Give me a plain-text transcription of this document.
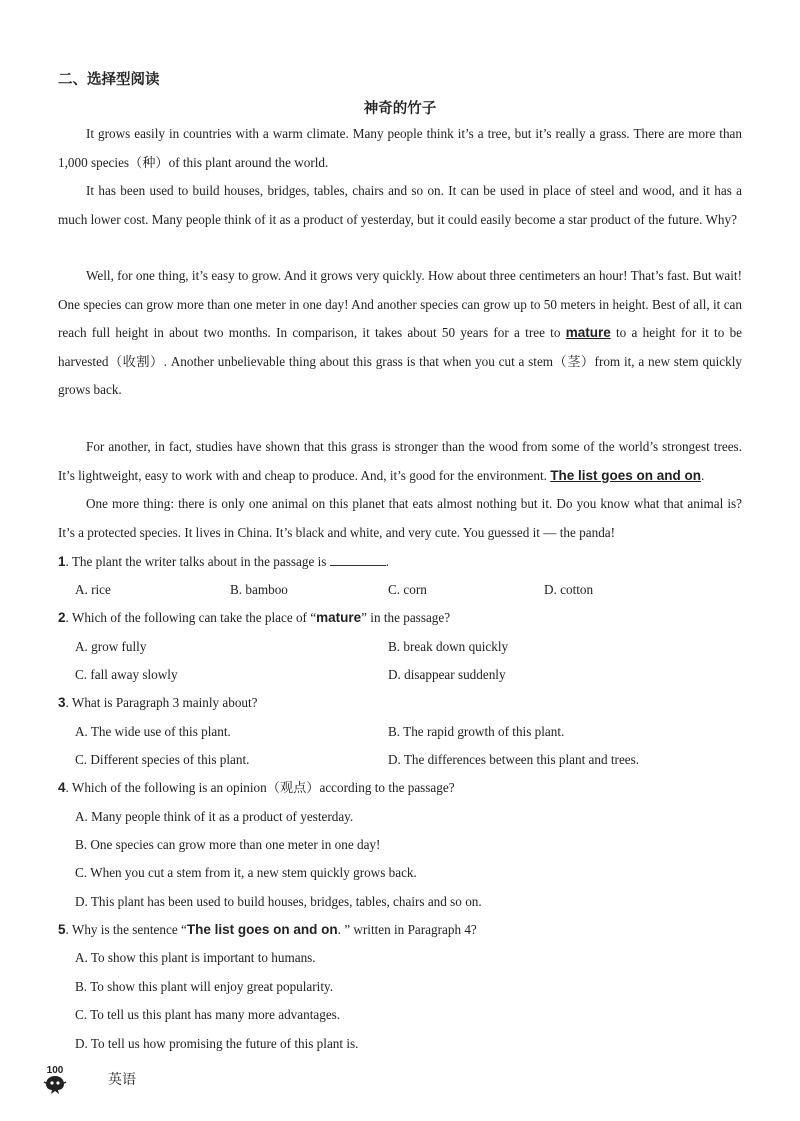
二、选择型阅读
神奇的竹子

It grows easily in countries with a warm climate. Many people think it’s a tree, but it’s really a grass. There are more than 1,000 species（种）of this plant around the world.

It has been used to build houses, bridges, tables, chairs and so on. It can be used in place of steel and wood, and it has a much lower cost. Many people think of it as a product of yesterday, but it could easily become a star product of the future. Why?

Well, for one thing, it’s easy to grow. And it grows very quickly. How about three centimeters an hour! That’s fast. But wait! One species can grow more than one meter in one day! And another species can grow up to 50 meters in height. Best of all, it can reach full height in about two months. In comparison, it takes about 50 years for a tree to mature to a height for it to be harvested（收割）. Another unbelievable thing about this grass is that when you cut a stem（茎）from it, a new stem quickly grows back.

For another, in fact, studies have shown that this grass is stronger than the wood from some of the world’s strongest trees. It’s lightweight, easy to work with and cheap to produce. And, it’s good for the environment. The list goes on and on.

One more thing: there is only one animal on this planet that eats almost nothing but it. Do you know what that animal is? It’s a protected species. It lives in China. It’s black and white, and very cute. You guessed it — the panda!

1. The plant the writer talks about in the passage is	.
A. rice	B. bamboo	C. corn	D. cotton
2. Which of the following can take the place of “mature” in the passage?
A. grow fully	B. break down quickly
C. fall away slowly	D. disappear suddenly
3. What is Paragraph 3 mainly about?
A. The wide use of this plant.	B. The rapid growth of this plant.
C. Different species of this plant.	D. The differences between this plant and trees.
4. Which of the following is an opinion（观点）according to the passage?
A. Many people think of it as a product of yesterday.
B. One species can grow more than one meter in one day!
C. When you cut a stem from it, a new stem quickly grows back.
D. This plant has been used to build houses, bridges, tables, chairs and so on.
5. Why is the sentence “The list goes on and on. ” written in Paragraph 4?
A. To show this plant is important to humans.
B. To show this plant will enjoy great popularity.
C. To tell us this plant has many more advantages.
D. To tell us how promising the future of this plant is.
100
英语
